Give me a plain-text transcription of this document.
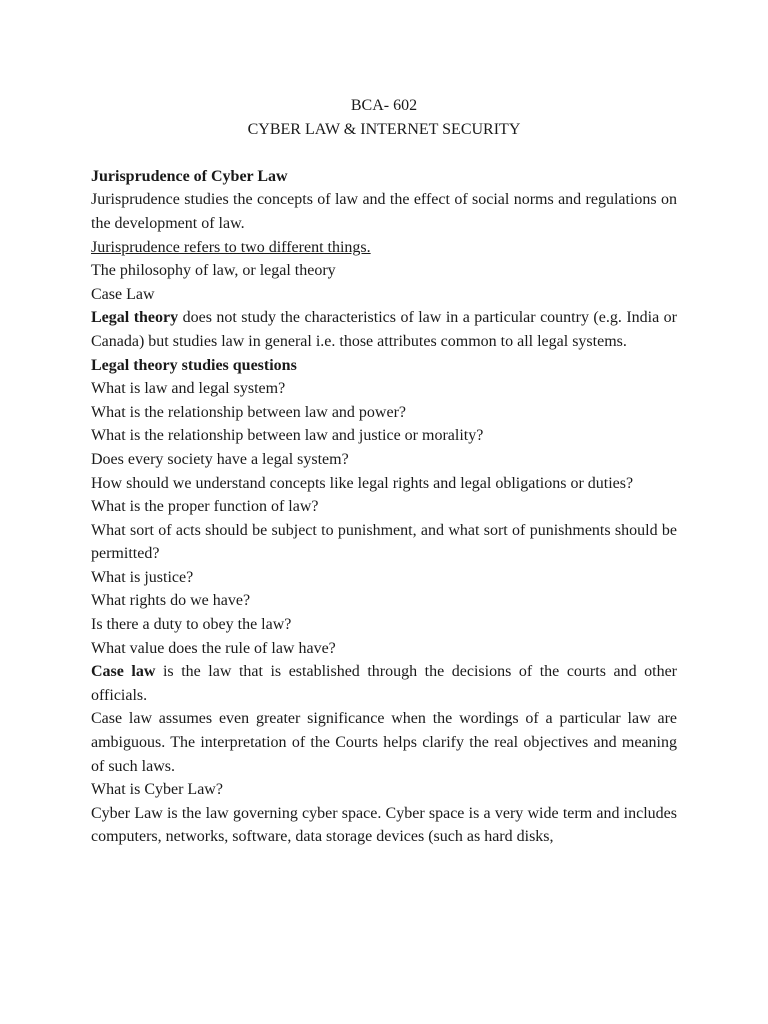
BCA- 602
CYBER LAW & INTERNET SECURITY
Jurisprudence of Cyber Law
Jurisprudence studies the concepts of law and the effect of social norms and regulations on the development of law.
Jurisprudence refers to two different things.
The philosophy of law, or legal theory
Case Law
Legal theory does not study the characteristics of law in a particular country (e.g. India or Canada) but studies law in general i.e. those attributes common to all legal systems.
Legal theory studies questions
What is law and legal system?
What is the relationship between law and power?
What is the relationship between law and justice or morality?
Does every society have a legal system?
How should we understand concepts like legal rights and legal obligations or duties?
What is the proper function of law?
What sort of acts should be subject to punishment, and what sort of punishments should be permitted?
What is justice?
What rights do we have?
Is there a duty to obey the law?
What value does the rule of law have?
Case law is the law that is established through the decisions of the courts and other officials.
Case law assumes even greater significance when the wordings of a particular law are ambiguous. The interpretation of the Courts helps clarify the real objectives and meaning of such laws.
What is Cyber Law?
Cyber Law is the law governing cyber space. Cyber space is a very wide term and includes computers, networks, software, data storage devices (such as hard disks,
